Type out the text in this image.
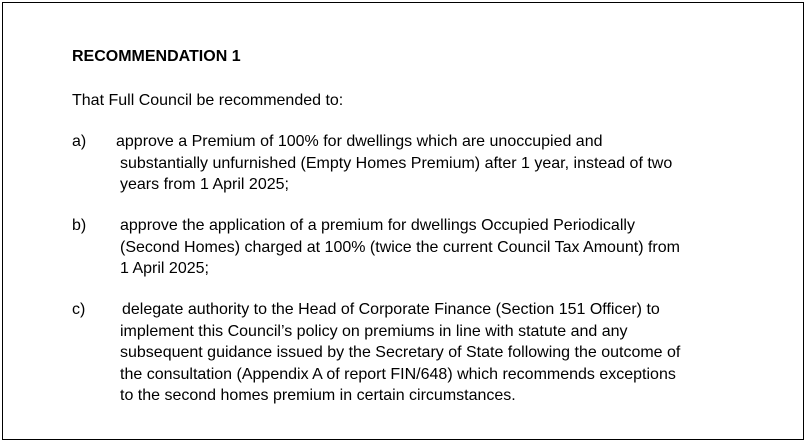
RECOMMENDATION 1
That Full Council be recommended to:
a) approve a Premium of 100% for dwellings which are unoccupied and
substantially unfurnished (Empty Homes Premium) after 1 year, instead of two
years from 1 April 2025;
b) approve the application of a premium for dwellings Occupied Periodically
(Second Homes) charged at 100% (twice the current Council Tax Amount) from
1 April 2025;
c) delegate authority to the Head of Corporate Finance (Section 151 Officer) to
implement this Council’s policy on premiums in line with statute and any
subsequent guidance issued by the Secretary of State following the outcome of
the consultation (Appendix A of report FIN/648) which recommends exceptions
to the second homes premium in certain circumstances.
